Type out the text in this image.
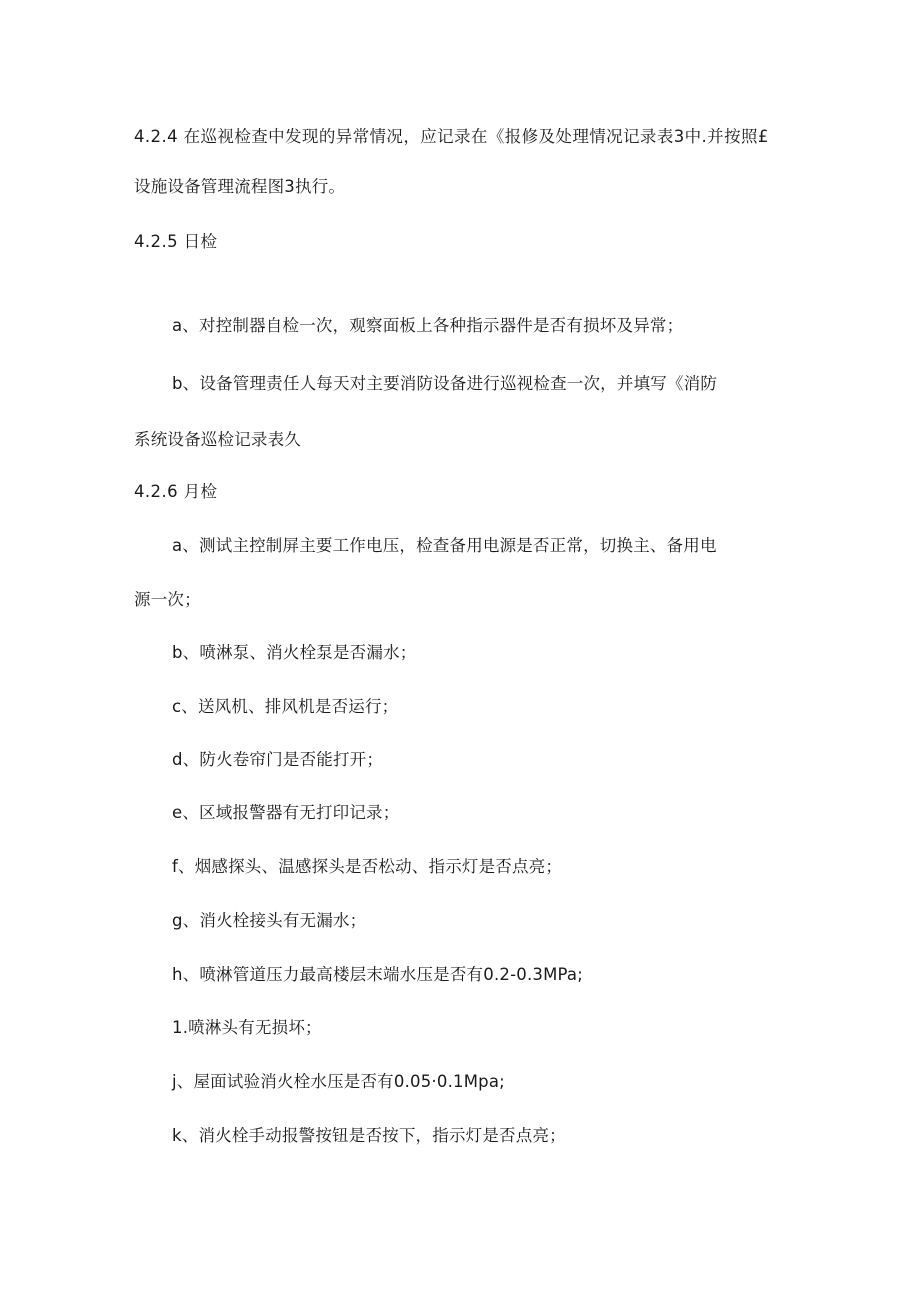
4.2.4 在巡视检查中发现的异常情况，应记录在《报修及处理情况记录表3中.并按照£
设施设备管理流程图3执行。
4.2.5 日检
a、对控制器自检一次，观察面板上各种指示器件是否有损坏及异常；
b、设备管理责任人每天对主要消防设备进行巡视检查一次，并填写《消防
系统设备巡检记录表久
4.2.6 月检
a、测试主控制屏主要工作电压，检查备用电源是否正常，切换主、备用电
源一次；
b、喷淋泵、消火栓泵是否漏水；
c、送风机、排风机是否运行；
d、防火卷帘门是否能打开；
e、区域报警器有无打印记录；
f、烟感探头、温感探头是否松动、指示灯是否点亮；
g、消火栓接头有无漏水；
h、喷淋管道压力最高楼层末端水压是否有0.2-0.3MPa;
1.喷淋头有无损坏；
j、屋面试验消火栓水压是否有0.05·0.1Mpa;
k、消火栓手动报警按钮是否按下，指示灯是否点亮；
